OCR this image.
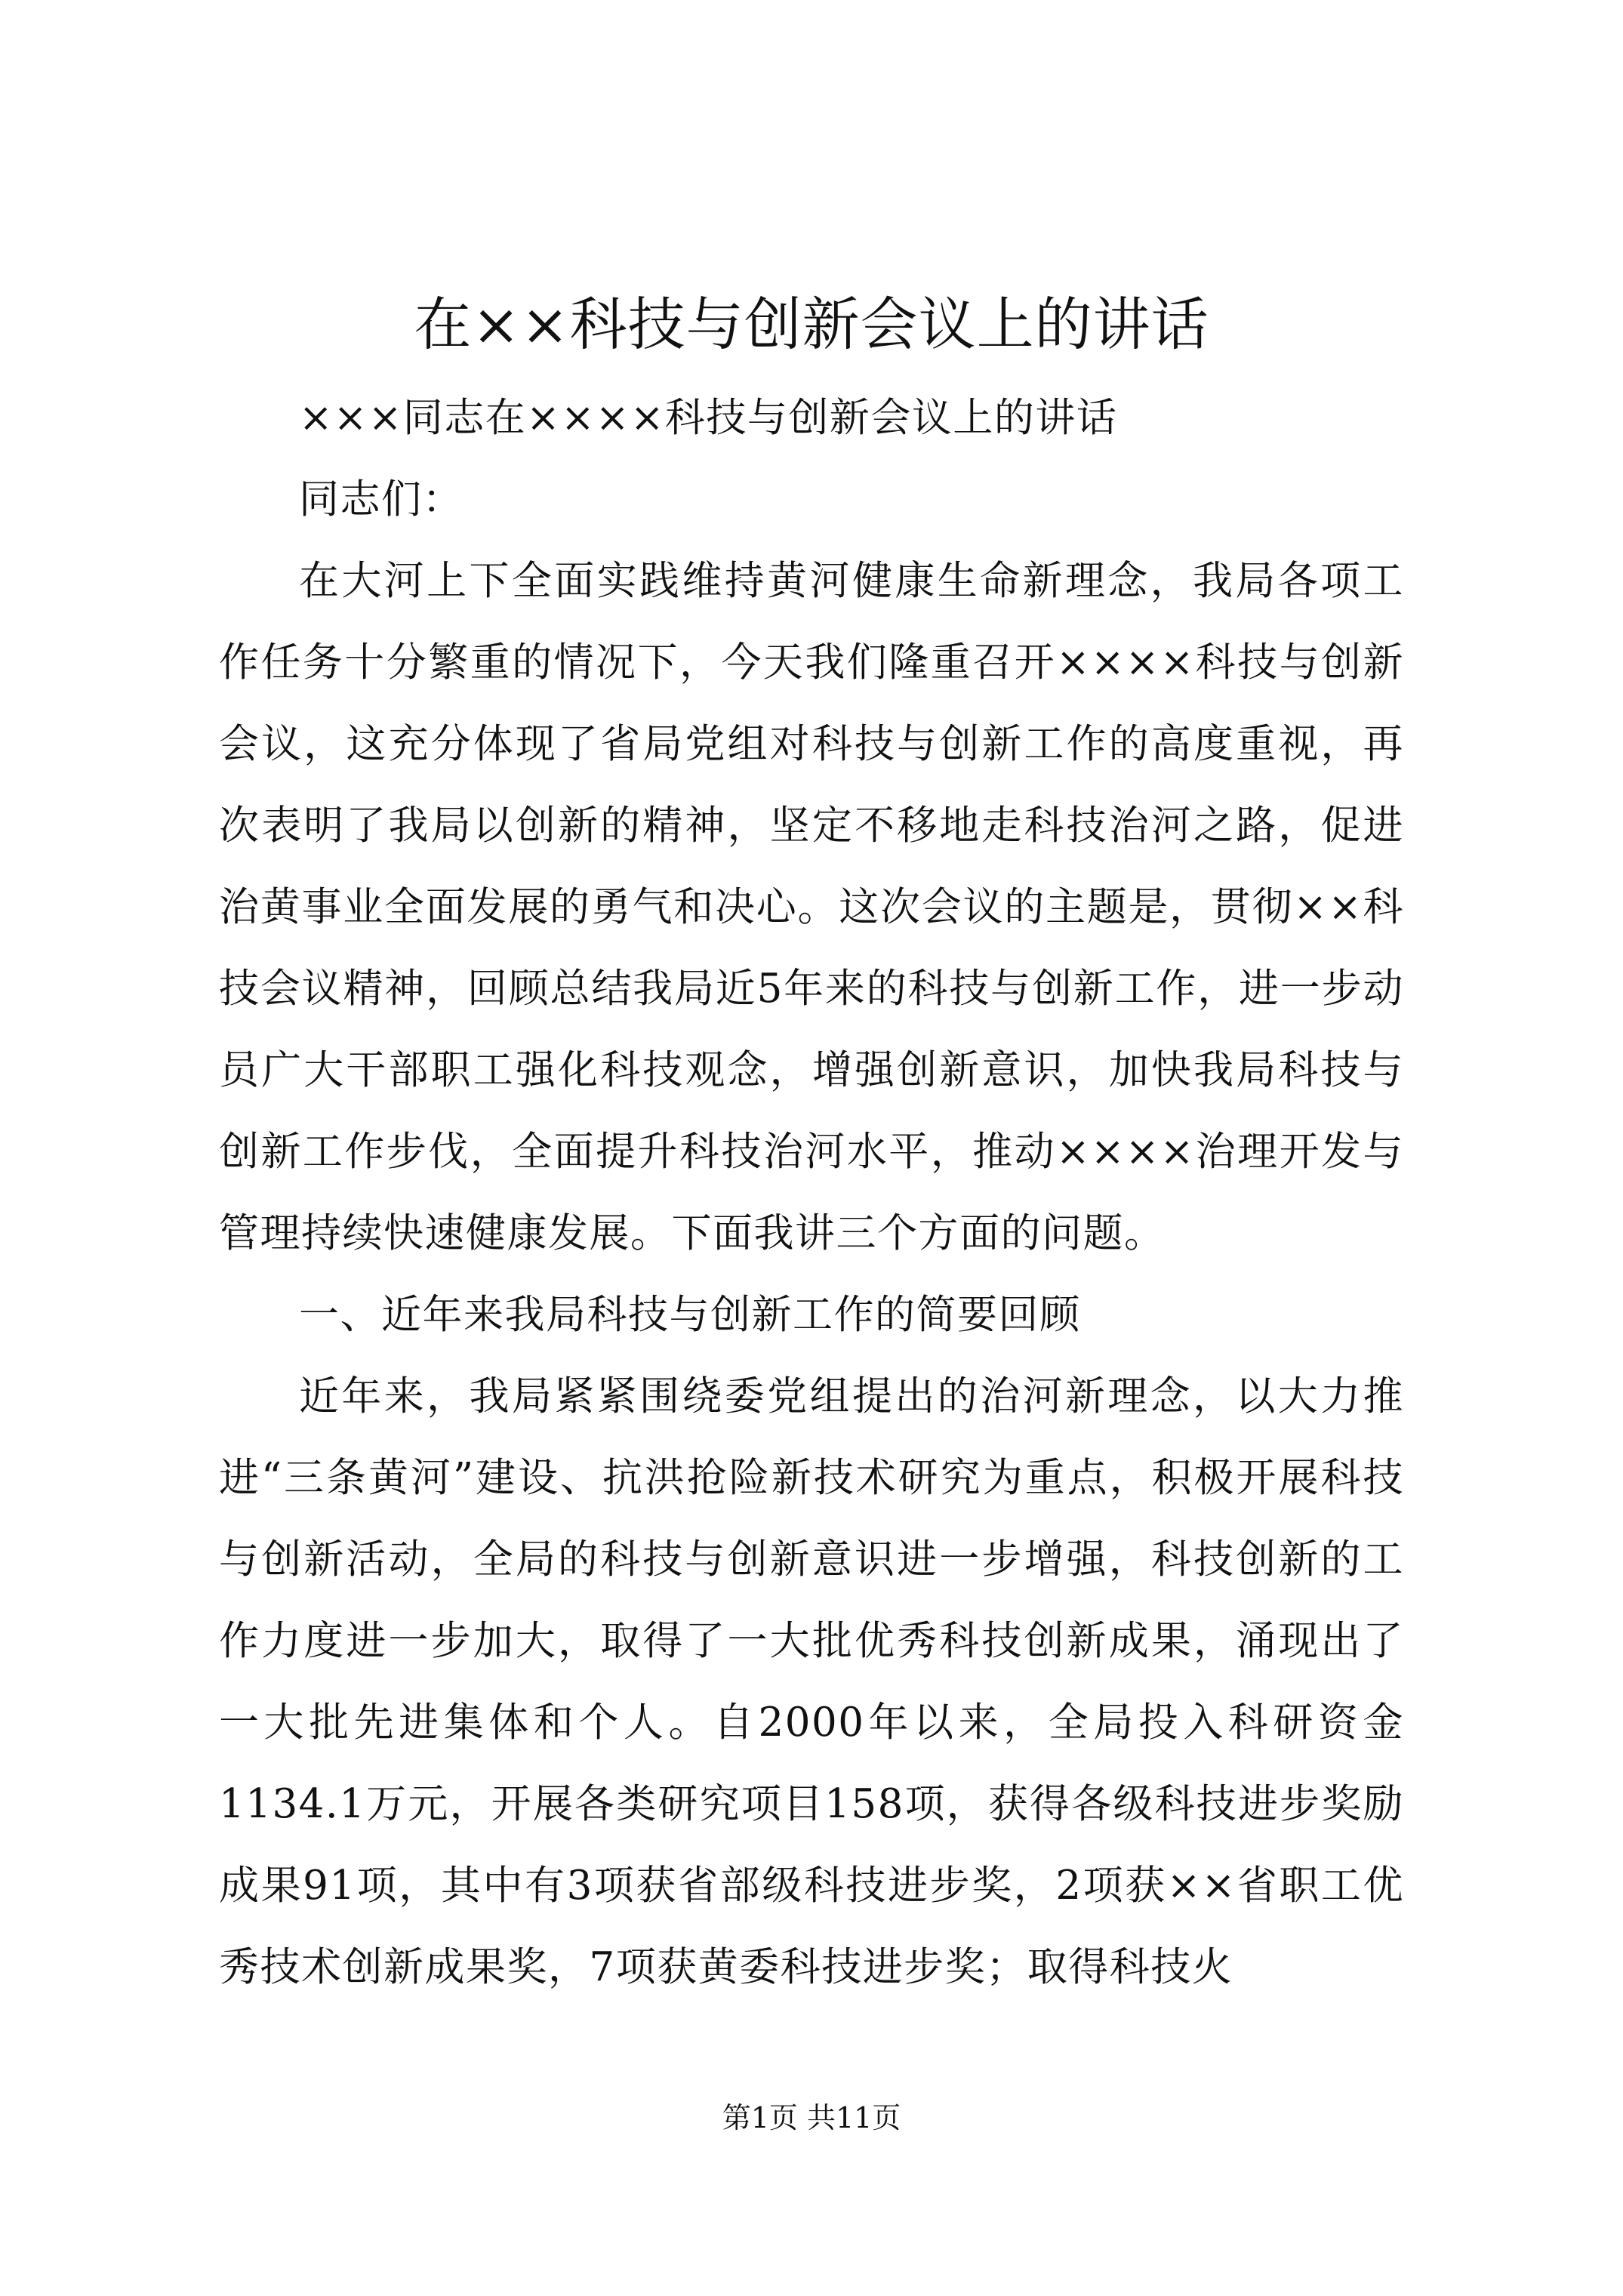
在××科技与创新会议上的讲话

×××同志在××××科技与创新会议上的讲话

同志们：

在大河上下全面实践维持黄河健康生命新理念，我局各项工作任务十分繁重的情况下，今天我们隆重召开××××科技与创新会议，这充分体现了省局党组对科技与创新工作的高度重视，再次表明了我局以创新的精神，坚定不移地走科技治河之路，促进治黄事业全面发展的勇气和决心。这次会议的主题是，贯彻××科技会议精神，回顾总结我局近5年来的科技与创新工作，进一步动员广大干部职工强化科技观念，增强创新意识，加快我局科技与创新工作步伐，全面提升科技治河水平，推动××××治理开发与管理持续快速健康发展。下面我讲三个方面的问题。

一、近年来我局科技与创新工作的简要回顾

近年来，我局紧紧围绕委党组提出的治河新理念，以大力推进“三条黄河”建设、抗洪抢险新技术研究为重点，积极开展科技与创新活动，全局的科技与创新意识进一步增强，科技创新的工作力度进一步加大，取得了一大批优秀科技创新成果，涌现出了一大批先进集体和个人。自2000年以来，全局投入科研资金1134.1万元，开展各类研究项目158项，获得各级科技进步奖励成果91项，其中有3项获省部级科技进步奖，2项获××省职工优秀技术创新成果奖，7项获黄委科技进步奖；取得科技火

第1页 共11页
